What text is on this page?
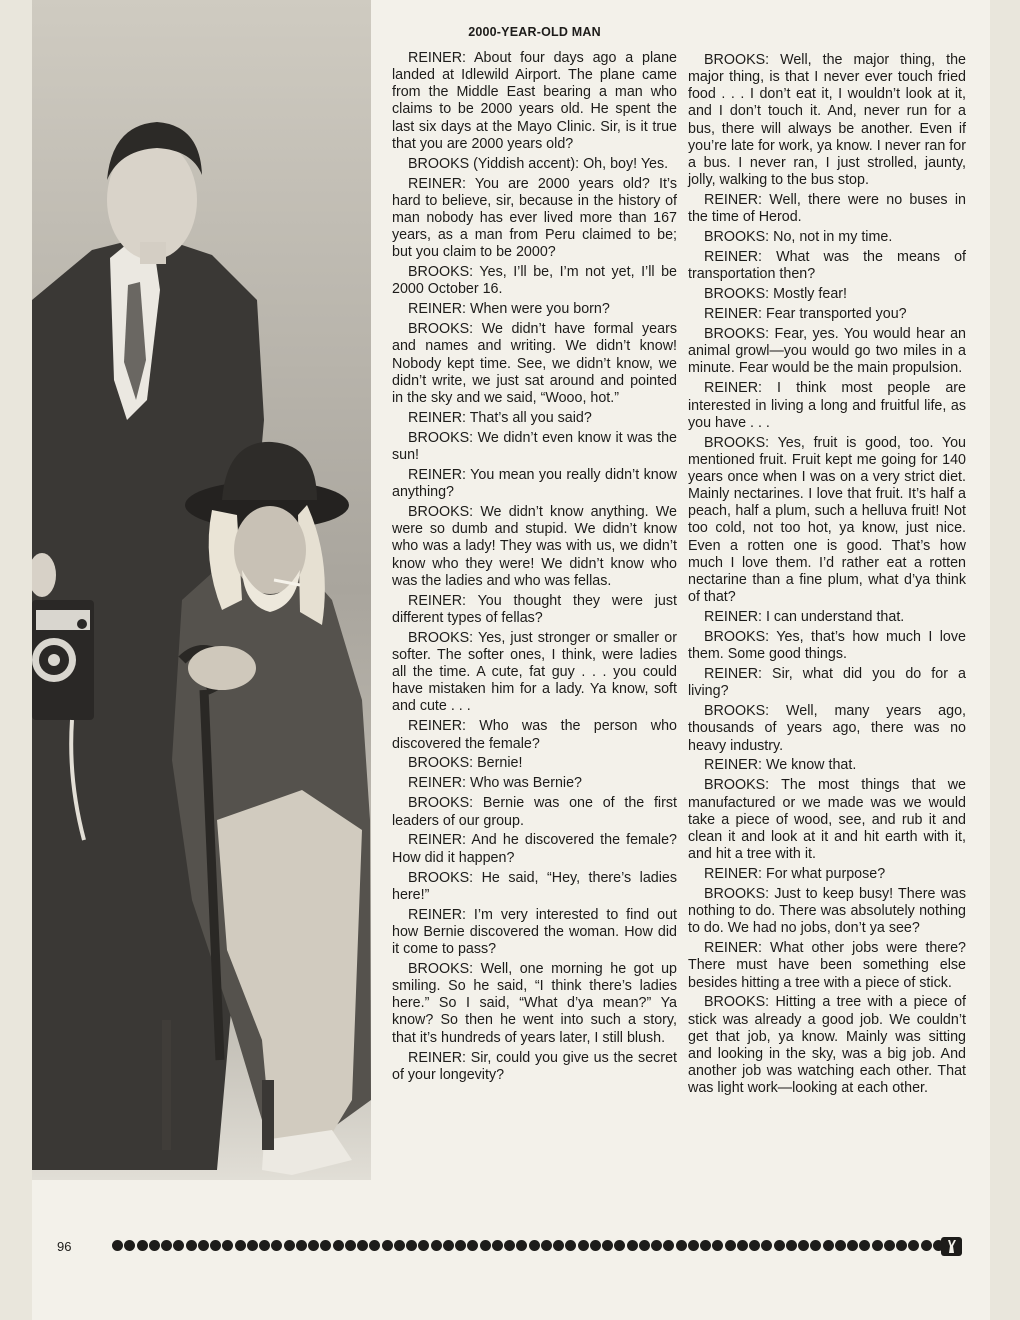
2000-YEAR-OLD MAN

REINER: About four days ago a plane landed at Idlewild Airport. The plane came from the Middle East bearing a man who claims to be 2000 years old. He spent the last six days at the Mayo Clinic. Sir, is it true that you are 2000 years old?

BROOKS (Yiddish accent): Oh, boy! Yes.

REINER: You are 2000 years old? It’s hard to believe, sir, because in the history of man nobody has ever lived more than 167 years, as a man from Peru claimed to be; but you claim to be 2000?

BROOKS: Yes, I’ll be, I’m not yet, I’ll be 2000 October 16.

REINER: When were you born?

BROOKS: We didn’t have formal years and names and writing. We didn’t know! Nobody kept time. See, we didn’t know, we didn’t write, we just sat around and pointed in the sky and we said, “Wooo, hot.”

REINER: That’s all you said?

BROOKS: We didn’t even know it was the sun!

REINER: You mean you really didn’t know anything?

BROOKS: We didn’t know anything. We were so dumb and stupid. We didn’t know who was a lady! They was with us, we didn’t know who they were! We didn’t know who was the ladies and who was fellas.

REINER: You thought they were just different types of fellas?

BROOKS: Yes, just stronger or smaller or softer. The softer ones, I think, were ladies all the time. A cute, fat guy . . . you could have mistaken him for a lady. Ya know, soft and cute . . .

REINER: Who was the person who discovered the female?

BROOKS: Bernie!

REINER: Who was Bernie?

BROOKS: Bernie was one of the first leaders of our group.

REINER: And he discovered the female? How did it happen?

BROOKS: He said, “Hey, there’s ladies here!”

REINER: I’m very interested to find out how Bernie discovered the woman. How did it come to pass?

BROOKS: Well, one morning he got up smiling. So he said, “I think there’s ladies here.” So I said, “What d’ya mean?” Ya know? So then he went into such a story, that it’s hundreds of years later, I still blush.

REINER: Sir, could you give us the secret of your longevity?

BROOKS: Well, the major thing, the major thing, is that I never ever touch fried food . . . I don’t eat it, I wouldn’t look at it, and I don’t touch it. And, never run for a bus, there will always be another. Even if you’re late for work, ya know. I never ran for a bus. I never ran, I just strolled, jaunty, jolly, walking to the bus stop.

REINER: Well, there were no buses in the time of Herod.

BROOKS: No, not in my time.

REINER: What was the means of transportation then?

BROOKS: Mostly fear!

REINER: Fear transported you?

BROOKS: Fear, yes. You would hear an animal growl—you would go two miles in a minute. Fear would be the main propulsion.

REINER: I think most people are interested in living a long and fruitful life, as you have . . .

BROOKS: Yes, fruit is good, too. You mentioned fruit. Fruit kept me going for 140 years once when I was on a very strict diet. Mainly nectarines. I love that fruit. It’s half a peach, half a plum, such a helluva fruit! Not too cold, not too hot, ya know, just nice. Even a rotten one is good. That’s how much I love them. I’d rather eat a rotten nectarine than a fine plum, what d’ya think of that?

REINER: I can understand that.

BROOKS: Yes, that’s how much I love them. Some good things.

REINER: Sir, what did you do for a living?

BROOKS: Well, many years ago, thousands of years ago, there was no heavy industry.

REINER: We know that.

BROOKS: The most things that we manufactured or we made was we would take a piece of wood, see, and rub it and clean it and look at it and hit earth with it, and hit a tree with it.

REINER: For what purpose?

BROOKS: Just to keep busy! There was nothing to do. There was absolutely nothing to do. We had no jobs, don’t ya see?

REINER: What other jobs were there? There must have been something else besides hitting a tree with a piece of stick.

BROOKS: Hitting a tree with a piece of stick was already a good job. We couldn’t get that job, ya know. Mainly was sitting and looking in the sky, was a big job. And another job was watching each other. That was light work—looking at each other.

96
